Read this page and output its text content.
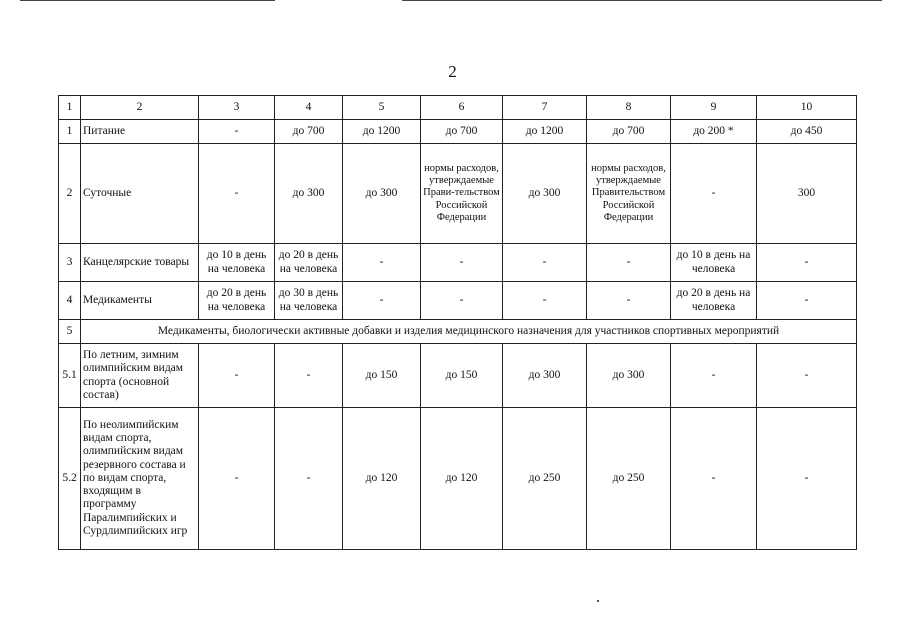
2
1	2	3	4	5	6	7	8	9	10
1	Питание	-	до 700	до 1200	до 700	до 1200	до 700	до 200 *	до 450
2	Суточные	-	до 300	до 300	нормы расходов, утверждаемые Прави-тельством Российской Федерации	до 300	нормы расходов, утверждаемые Правительством Российской Федерации	-	300
3	Канцелярские товары	до 10 в день на человека	до 20 в день на человека	-	-	-	-	до 10 в день на человека	-
4	Медикаменты	до 20 в день на человека	до 30 в день на человека	-	-	-	-	до 20 в день на человека	-
5	Медикаменты, биологически активные добавки и изделия медицинского назначения для участников спортивных мероприятий								
5.1	По летним, зимним олимпийским видам спорта (основной состав)	-	-	до 150	до 150	до 300	до 300	-	-
5.2	По неолимпийским видам спорта, олимпийским видам резервного состава и по видам спорта, входящим в программу Паралимпийских и Сурдлимпийских игр	-	-	до 120	до 120	до 250	до 250	-	-
